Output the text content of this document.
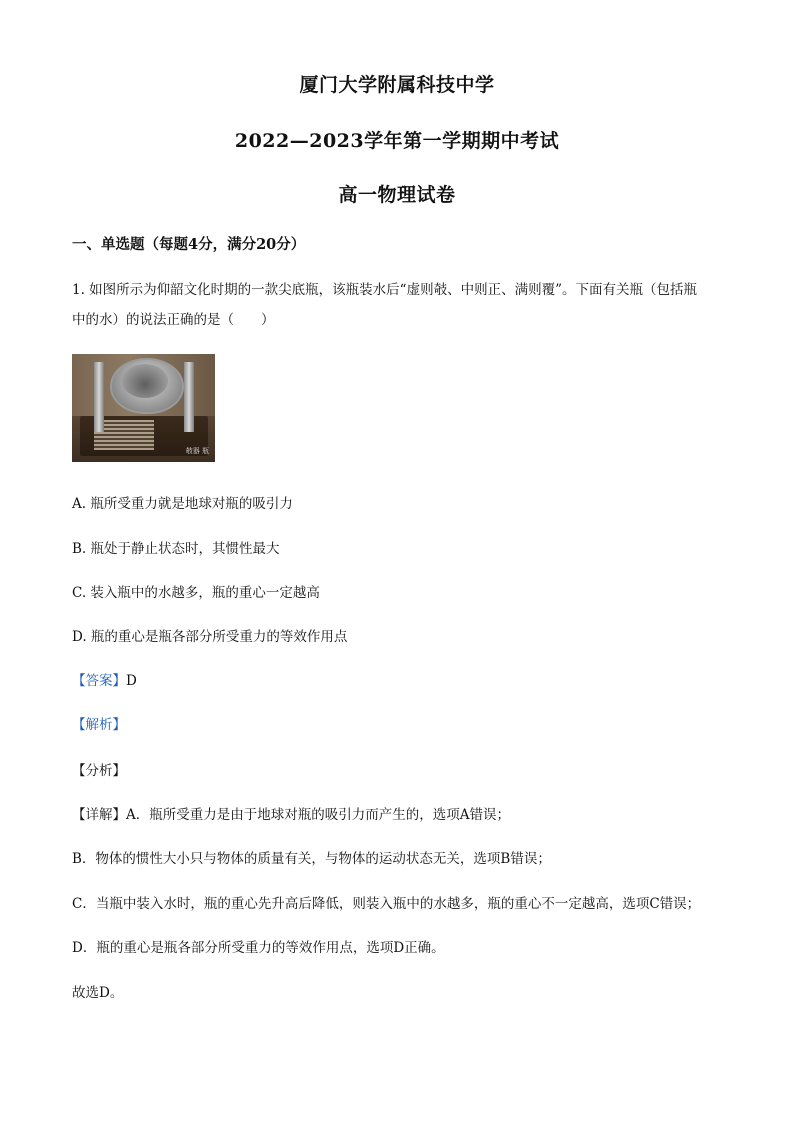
厦门大学附属科技中学
2022—2023学年第一学期期中考试
高一物理试卷
一、单选题（每题4分，满分20分）
1. 如图所示为仰韶文化时期的一款尖底瓶，该瓶装水后“虚则攲、中则正、满则覆”。下面有关瓶（包括瓶
中的水）的说法正确的是（　　）
攲器 瓶
A. 瓶所受重力就是地球对瓶的吸引力
B. 瓶处于静止状态时，其惯性最大
C. 装入瓶中的水越多，瓶的重心一定越高
D. 瓶的重心是瓶各部分所受重力的等效作用点
【答案】D
【解析】
【分析】
【详解】A．瓶所受重力是由于地球对瓶的吸引力而产生的，选项A错误；
B．物体的惯性大小只与物体的质量有关，与物体的运动状态无关，选项B错误；
C．当瓶中装入水时，瓶的重心先升高后降低，则装入瓶中的水越多，瓶的重心不一定越高，选项C错误；
D．瓶的重心是瓶各部分所受重力的等效作用点，选项D正确。
故选D。
